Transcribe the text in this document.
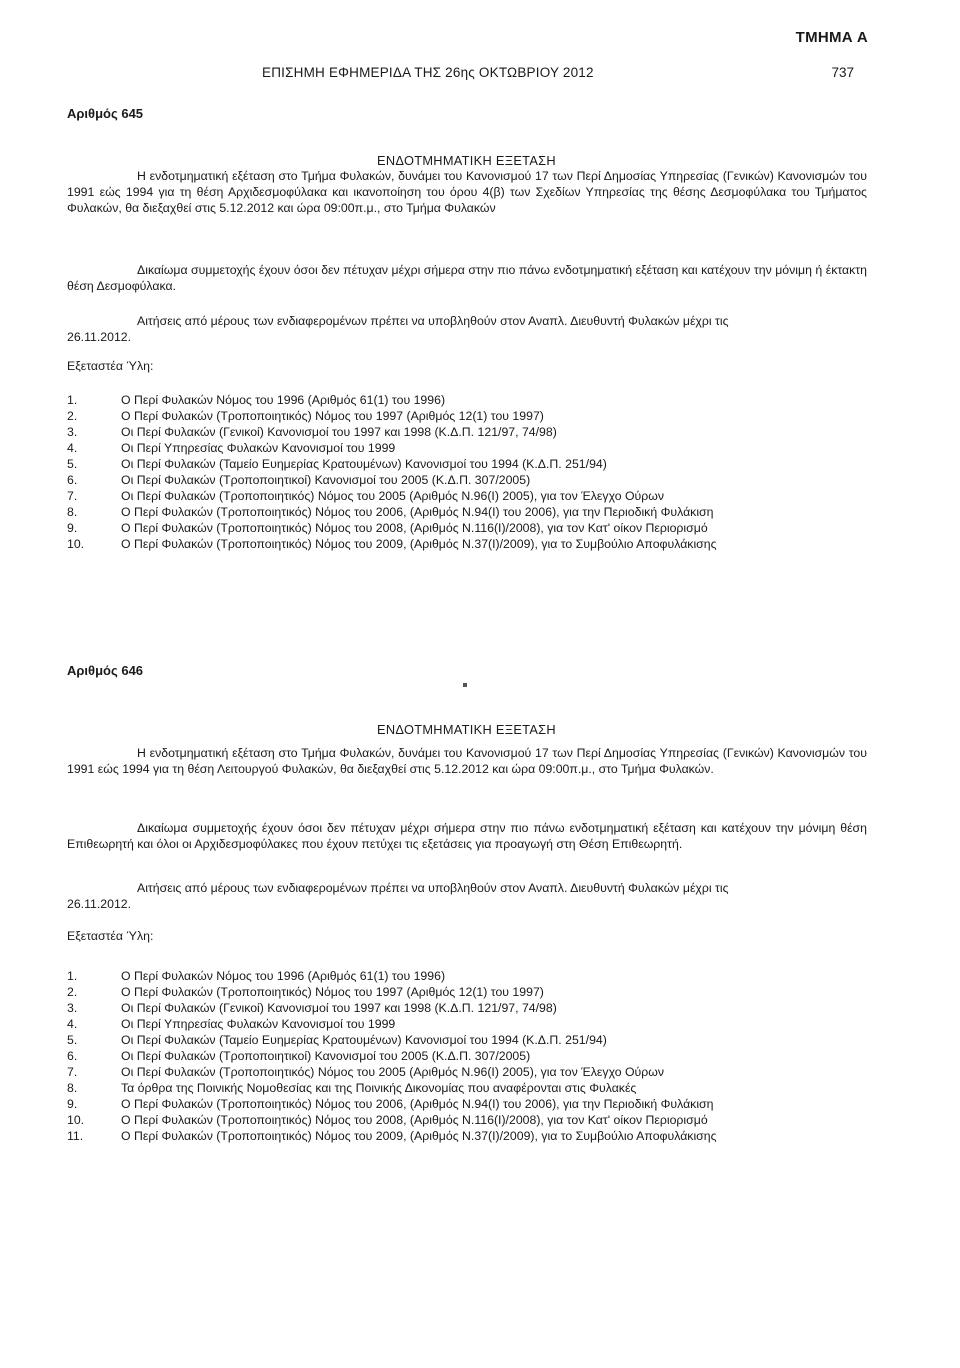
ΤΜΗΜΑ Α
ΕΠΙΣΗΜΗ ΕΦΗΜΕΡΙΔΑ ΤΗΣ 26ης ΟΚΤΩΒΡΙΟΥ 2012	737
Αριθμός 645
ΕΝΔΟΤΜΗΜΑΤΙΚΗ ΕΞΕΤΑΣΗ
Η ενδοτμηματική εξέταση στο Τμήμα Φυλακών, δυνάμει του Κανονισμού 17 των Περί Δημοσίας Υπηρεσίας (Γενικών) Κανονισμών του 1991 εώς 1994 για τη θέση Αρχιδεσμοφύλακα και ικανοποίηση του όρου 4(β) των Σχεδίων Υπηρεσίας της θέσης Δεσμοφύλακα του Τμήματος Φυλακών, θα διεξαχθεί στις 5.12.2012 και ώρα 09:00π.μ., στο Τμήμα Φυλακών
Δικαίωμα συμμετοχής έχουν όσοι δεν πέτυχαν μέχρι σήμερα στην πιο πάνω ενδοτμηματική εξέταση και κατέχουν την μόνιμη ή έκτακτη θέση Δεσμοφύλακα.
Αιτήσεις από μέρους των ενδιαφερομένων πρέπει να υποβληθούν στον Αναπλ. Διευθυντή Φυλακών μέχρι τις
26.11.2012.
Εξεταστέα Ύλη:
1.	Ο Περί Φυλακών Νόμος του 1996 (Αριθμός 61(1) του 1996)
2.	Ο Περί Φυλακών (Τροποποιητικός) Νόμος του 1997 (Αριθμός 12(1) του 1997)
3.	Οι Περί Φυλακών (Γενικοί) Κανονισμοί του 1997 και 1998 (Κ.Δ.Π. 121/97, 74/98)
4.	Οι Περί Υπηρεσίας Φυλακών Κανονισμοί του 1999
5.	Οι Περί Φυλακών (Ταμείο Ευημερίας Κρατουμένων) Κανονισμοί του 1994 (Κ.Δ.Π. 251/94)
6.	Οι Περί Φυλακών (Τροποποιητικοί) Κανονισμοί του 2005 (Κ.Δ.Π. 307/2005)
7.	Οι Περί Φυλακών (Τροποποιητικός) Νόμος του 2005 (Αριθμός Ν.96(Ι) 2005), για τον Έλεγχο Ούρων
8.	Ο Περί Φυλακών (Τροποποιητικός) Νόμος του 2006, (Αριθμός Ν.94(Ι) του 2006), για την Περιοδική Φυλάκιση
9.	Ο Περί Φυλακών (Τροποποιητικός) Νόμος του 2008, (Αριθμός Ν.116(Ι)/2008), για τον Κατ' οίκον Περιορισμό
10.	Ο Περί Φυλακών (Τροποποιητικός) Νόμος του 2009, (Αριθμός Ν.37(Ι)/2009), για το Συμβούλιο Αποφυλάκισης
Αριθμός 646
ΕΝΔΟΤΜΗΜΑΤΙΚΗ ΕΞΕΤΑΣΗ
Η ενδοτμηματική εξέταση στο Τμήμα Φυλακών, δυνάμει του Κανονισμού 17 των Περί Δημοσίας Υπηρεσίας (Γενικών) Κανονισμών του 1991 εώς 1994 για τη θέση Λειτουργού Φυλακών, θα διεξαχθεί στις 5.12.2012 και ώρα 09:00π.μ., στο Τμήμα Φυλακών.
Δικαίωμα συμμετοχής έχουν όσοι δεν πέτυχαν μέχρι σήμερα στην πιο πάνω ενδοτμηματική εξέταση και κατέχουν την μόνιμη θέση Επιθεωρητή και όλοι οι Αρχιδεσμοφύλακες που έχουν πετύχει τις εξετάσεις για προαγωγή στη Θέση Επιθεωρητή.
Αιτήσεις από μέρους των ενδιαφερομένων πρέπει να υποβληθούν στον Αναπλ. Διευθυντή Φυλακών μέχρι τις
26.11.2012.
Εξεταστέα Ύλη:
1.	Ο Περί Φυλακών Νόμος του 1996 (Αριθμός 61(1) του 1996)
2.	Ο Περί Φυλακών (Τροποποιητικός) Νόμος του 1997 (Αριθμός 12(1) του 1997)
3.	Οι Περί Φυλακών (Γενικοί) Κανονισμοί του 1997 και 1998 (Κ.Δ.Π. 121/97, 74/98)
4.	Οι Περί Υπηρεσίας Φυλακών Κανονισμοί του 1999
5.	Οι Περί Φυλακών (Ταμείο Ευημερίας Κρατουμένων) Κανονισμοί του 1994 (Κ.Δ.Π. 251/94)
6.	Οι Περί Φυλακών (Τροποποιητικοί) Κανονισμοί του 2005 (Κ.Δ.Π. 307/2005)
7.	Οι Περί Φυλακών (Τροποποιητικός) Νόμος του 2005 (Αριθμός Ν.96(Ι) 2005), για τον Έλεγχο Ούρων
8.	Τα όρθρα της Ποινικής Νομοθεσίας και της Ποινικής Δικονομίας που αναφέρονται στις Φυλακές
9.	Ο Περί Φυλακών (Τροποποιητικός) Νόμος του 2006, (Αριθμός Ν.94(Ι) του 2006), για την Περιοδική Φυλάκιση
10.	Ο Περί Φυλακών (Τροποποιητικός) Νόμος του 2008, (Αριθμός Ν.116(Ι)/2008), για τον Κατ' οίκον Περιορισμό
11.	Ο Περί Φυλακών (Τροποποιητικός) Νόμος του 2009, (Αριθμός Ν.37(Ι)/2009), για το Συμβούλιο Αποφυλάκισης
